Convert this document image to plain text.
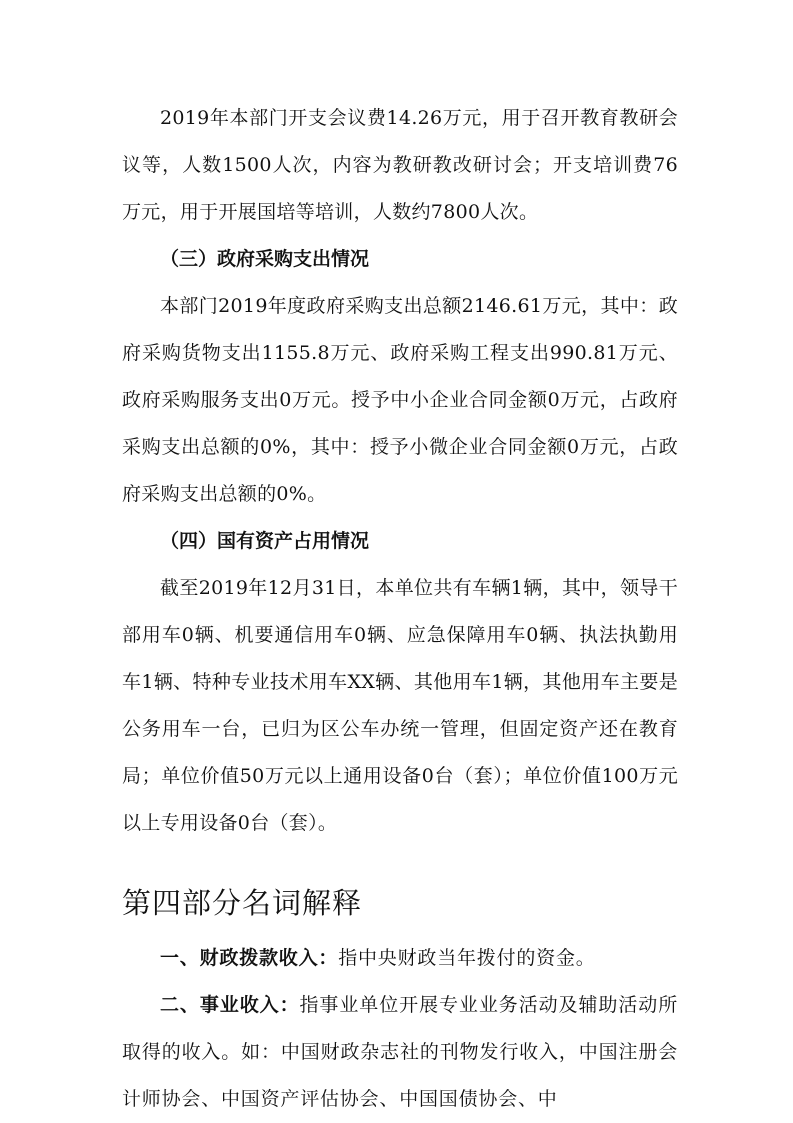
2019年本部门开支会议费14.26万元，用于召开教育教研会议等，人数1500人次，内容为教研教改研讨会；开支培训费76万元，用于开展国培等培训，人数约7800人次。

（三）政府采购支出情况

本部门2019年度政府采购支出总额2146.61万元，其中：政府采购货物支出1155.8万元、政府采购工程支出990.81万元、政府采购服务支出0万元。授予中小企业合同金额0万元，占政府采购支出总额的0%，其中：授予小微企业合同金额0万元，占政府采购支出总额的0%。

（四）国有资产占用情况

截至2019年12月31日，本单位共有车辆1辆，其中，领导干部用车0辆、机要通信用车0辆、应急保障用车0辆、执法执勤用车1辆、特种专业技术用车XX辆、其他用车1辆，其他用车主要是公务用车一台，已归为区公车办统一管理，但固定资产还在教育局；单位价值50万元以上通用设备0台（套）；单位价值100万元以上专用设备0台（套）。

第四部分名词解释

一、财政拨款收入：指中央财政当年拨付的资金。

二、事业收入：指事业单位开展专业业务活动及辅助活动所取得的收入。如：中国财政杂志社的刊物发行收入，中国注册会计师协会、中国资产评估协会、中国国债协会、中
